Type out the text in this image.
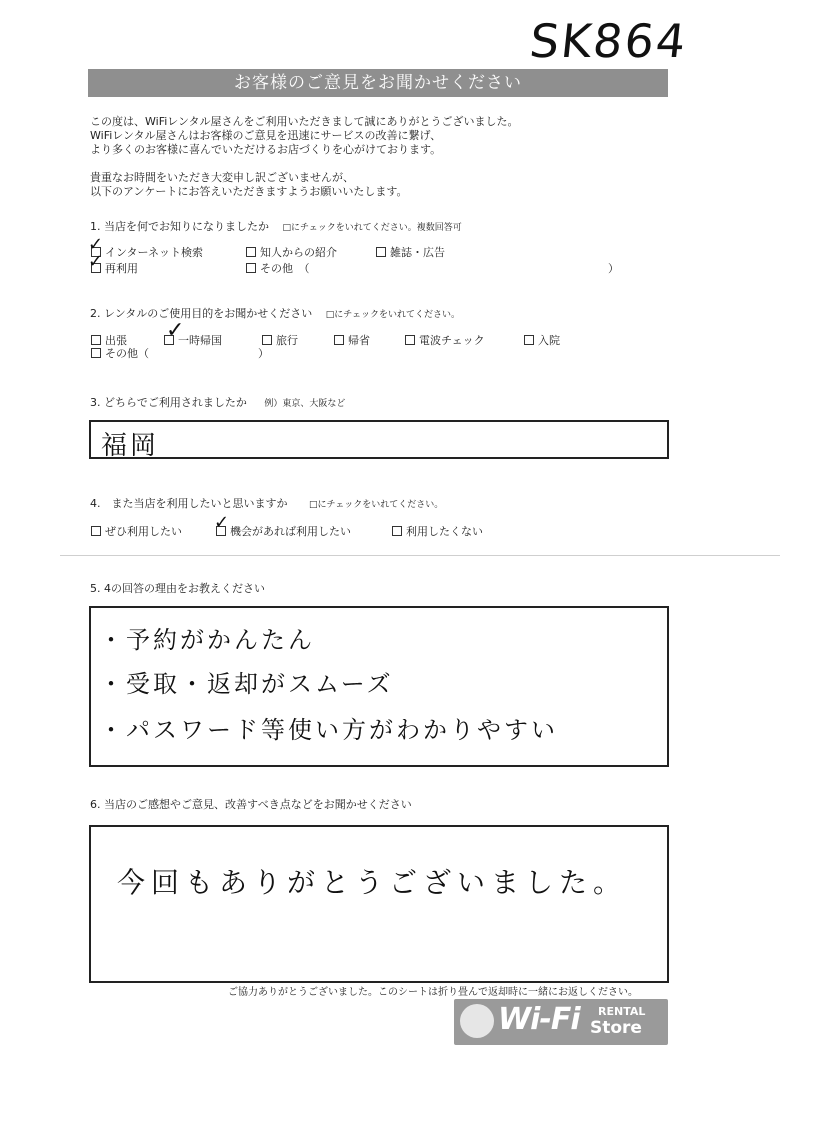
SK864
お客様のご意見をお聞かせください
この度は、WiFiレンタル屋さんをご利用いただきまして誠にありがとうございました。
WiFiレンタル屋さんはお客様のご意見を迅速にサービスの改善に繋げ、
より多くのお客様に喜んでいただけるお店づくりを心がけております。
貴重なお時間をいただき大変申し訳ございませんが、
以下のアンケートにお答えいただきますようお願いいたします。
1. 当店を何でお知りになりましたか □にチェックをいれてください。複数回答可
インターネット検索
✓	知人からの紹介	雑誌・広告
再利用
✓	その他　（	）
2. レンタルのご使用目的をお聞かせください □にチェックをいれてください。
出張	一時帰国
✓	旅行	帰省	電波チェック	入院
その他（	）
3. どちらでご利用されましたか 例）東京、大阪など
福岡
4.　また当店を利用したいと思いますか □にチェックをいれてください。
ぜひ利用したい	機会があれば利用したい
✓	利用したくない
5. 4の回答の理由をお教えください
・予約がかんたん
・受取・返却がスムーズ
・パスワード等使い方がわかりやすい
6. 当店のご感想やご意見、改善すべき点などをお聞かせください
今回もありがとうございました。
ご協力ありがとうございました。このシートは折り畳んで返却時に一緒にお返しください。
Wi-Fi RENTAL
Store
